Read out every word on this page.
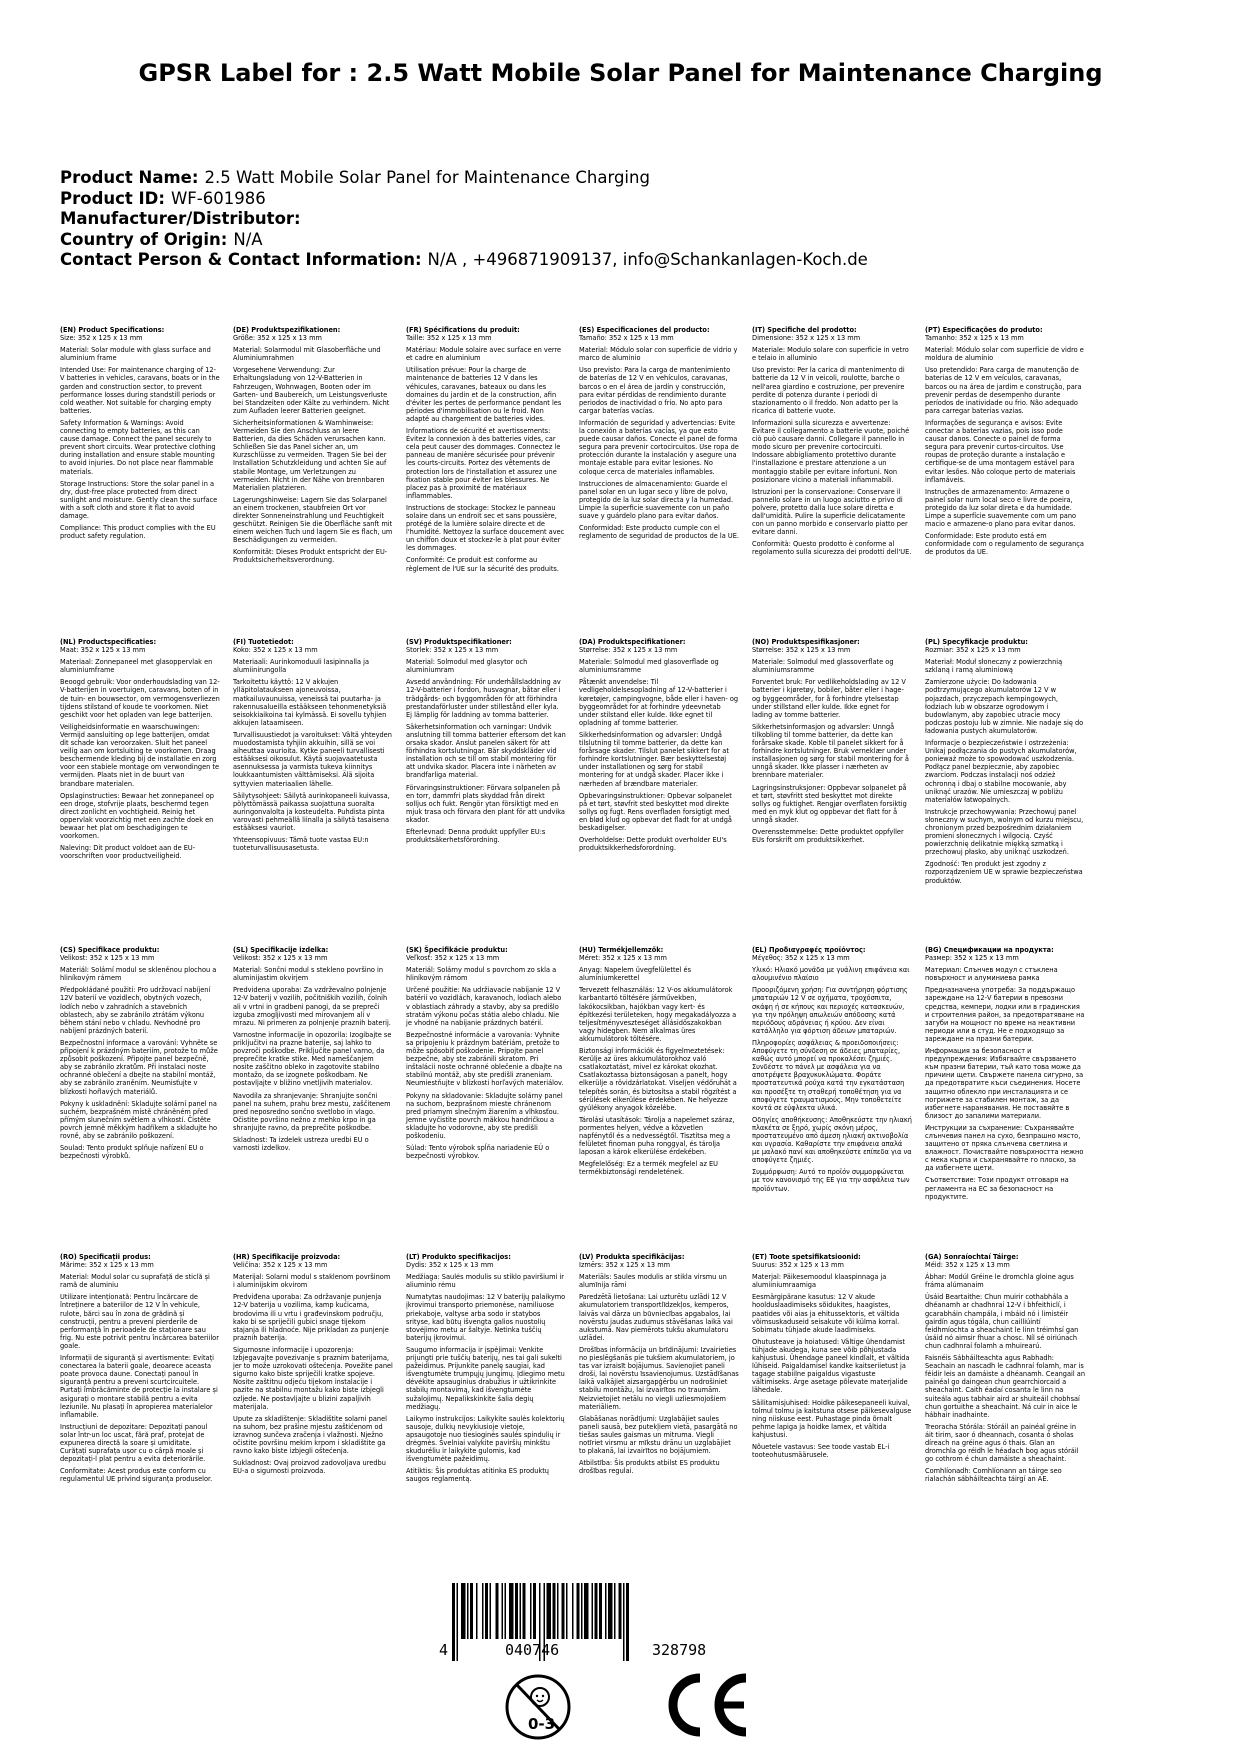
GPSR Label for : 2.5 Watt Mobile Solar Panel for Maintenance Charging
Product Name: 2.5 Watt Mobile Solar Panel for Maintenance Charging
Product ID: WF-601986
Manufacturer/Distributor:
Country of Origin: N/A
Contact Person & Contact Information: N/A , +496871909137, info@Schankanlagen-Koch.de
(EN) Product Specifications:

Size: 352 x 125 x 13 mm

Material: Solar module with glass surface and aluminium frame

Intended Use: For maintenance charging of 12-V batteries in vehicles, caravans, boats or in the garden and construction sector, to prevent performance losses during standstill periods or cold weather. Not suitable for charging empty batteries.

Safety Information & Warnings: Avoid connecting to empty batteries, as this can cause damage. Connect the panel securely to prevent short circuits. Wear protective clothing during installation and ensure stable mounting to avoid injuries. Do not place near flammable materials.

Storage Instructions: Store the solar panel in a dry, dust-free place protected from direct sunlight and moisture. Gently clean the surface with a soft cloth and store it flat to avoid damage.

Compliance: This product complies with the EU product safety regulation.

(DE) Produktspezifikationen:

Größe: 352 x 125 x 13 mm

Material: Solarmodul mit Glasoberfläche und Aluminiumrahmen

Vorgesehene Verwendung: Zur Erhaltungsladung von 12-V-Batterien in Fahrzeugen, Wohnwagen, Booten oder im Garten- und Baubereich, um Leistungsverluste bei Standzeiten oder Kälte zu verhindern. Nicht zum Aufladen leerer Batterien geeignet.

Sicherheitsinformationen & Warnhinweise: Vermeiden Sie den Anschluss an leere Batterien, da dies Schäden verursachen kann. Schließen Sie das Panel sicher an, um Kurzschlüsse zu vermeiden. Tragen Sie bei der Installation Schutzkleidung und achten Sie auf stabile Montage, um Verletzungen zu vermeiden. Nicht in der Nähe von brennbaren Materialien platzieren.

Lagerungshinweise: Lagern Sie das Solarpanel an einem trockenen, staubfreien Ort vor direkter Sonneneinstrahlung und Feuchtigkeit geschützt. Reinigen Sie die Oberfläche sanft mit einem weichen Tuch und lagern Sie es flach, um Beschädigungen zu vermeiden.

Konformität: Dieses Produkt entspricht der EU-Produktsicherheitsverordnung.

(FR) Spécifications du produit:

Taille: 352 x 125 x 13 mm

Matériau: Module solaire avec surface en verre et cadre en aluminium

Utilisation prévue: Pour la charge de maintenance de batteries 12 V dans les véhicules, caravanes, bateaux ou dans les domaines du jardin et de la construction, afin d'éviter les pertes de performance pendant les périodes d'immobilisation ou le froid. Non adapté au chargement de batteries vides.

Informations de sécurité et avertissements: Évitez la connexion à des batteries vides, car cela peut causer des dommages. Connectez le panneau de manière sécurisée pour prévenir les courts-circuits. Portez des vêtements de protection lors de l'installation et assurez une fixation stable pour éviter les blessures. Ne placez pas à proximité de matériaux inflammables.

Instructions de stockage: Stockez le panneau solaire dans un endroit sec et sans poussière, protégé de la lumière solaire directe et de l'humidité. Nettoyez la surface doucement avec un chiffon doux et stockez-le à plat pour éviter les dommages.

Conformité: Ce produit est conforme au règlement de l'UE sur la sécurité des produits.

(ES) Especificaciones del producto:

Tamaño: 352 x 125 x 13 mm

Material: Módulo solar con superficie de vidrio y marco de aluminio

Uso previsto: Para la carga de mantenimiento de baterías de 12 V en vehículos, caravanas, barcos o en el área de jardín y construcción, para evitar pérdidas de rendimiento durante periodos de inactividad o frío. No apto para cargar baterías vacías.

Información de seguridad y advertencias: Evite la conexión a baterías vacías, ya que esto puede causar daños. Conecte el panel de forma segura para prevenir cortocircuitos. Use ropa de protección durante la instalación y asegure una montaje estable para evitar lesiones. No coloque cerca de materiales inflamables.

Instrucciones de almacenamiento: Guarde el panel solar en un lugar seco y libre de polvo, protegido de la luz solar directa y la humedad. Limpie la superficie suavemente con un paño suave y guárdelo plano para evitar daños.

Conformidad: Este producto cumple con el reglamento de seguridad de productos de la UE.

(IT) Specifiche del prodotto:

Dimensione: 352 x 125 x 13 mm

Materiale: Modulo solare con superficie in vetro e telaio in alluminio

Uso previsto: Per la carica di mantenimento di batterie da 12 V in veicoli, roulotte, barche o nell'area giardino e costruzione, per prevenire perdite di potenza durante i periodi di stazionamento o il freddo. Non adatto per la ricarica di batterie vuote.

Informazioni sulla sicurezza e avvertenze: Evitare il collegamento a batterie vuote, poiché ciò può causare danni. Collegare il pannello in modo sicuro per prevenire cortocircuiti. Indossare abbigliamento protettivo durante l'installazione e prestare attenzione a un montaggio stabile per evitare infortuni. Non posizionare vicino a materiali infiammabili.

Istruzioni per la conservazione: Conservare il pannello solare in un luogo asciutto e privo di polvere, protetto dalla luce solare diretta e dall'umidità. Pulire la superficie delicatamente con un panno morbido e conservarlo piatto per evitare danni.

Conformità: Questo prodotto è conforme al regolamento sulla sicurezza dei prodotti dell'UE.

(PT) Especificações do produto:

Tamanho: 352 x 125 x 13 mm

Material: Módulo solar com superfície de vidro e moldura de alumínio

Uso pretendido: Para carga de manutenção de baterias de 12 V em veículos, caravanas, barcos ou na área de jardim e construção, para prevenir perdas de desempenho durante períodos de inatividade ou frio. Não adequado para carregar baterias vazias.

Informações de segurança e avisos: Evite conectar a baterias vazias, pois isso pode causar danos. Conecte o painel de forma segura para prevenir curtos-circuitos. Use roupas de proteção durante a instalação e certifique-se de uma montagem estável para evitar lesões. Não coloque perto de materiais inflamáveis.

Instruções de armazenamento: Armazene o painel solar num local seco e livre de poeira, protegido da luz solar direta e da humidade. Limpe a superfície suavemente com um pano macio e armazene-o plano para evitar danos.

Conformidade: Este produto está em conformidade com o regulamento de segurança de produtos da UE.

(NL) Productspecificaties:

Maat: 352 x 125 x 13 mm

Materiaal: Zonnepaneel met glasoppervlak en aluminiumframe

Beoogd gebruik: Voor onderhoudslading van 12-V-batterijen in voertuigen, caravans, boten of in de tuin- en bouwsector, om vermogensverliezen tijdens stilstand of koude te voorkomen. Niet geschikt voor het opladen van lege batterijen.

Veiligheidsinformatie en waarschuwingen: Vermijd aansluiting op lege batterijen, omdat dit schade kan veroorzaken. Sluit het paneel veilig aan om kortsluiting te voorkomen. Draag beschermende kleding bij de installatie en zorg voor een stabiele montage om verwondingen te vermijden. Plaats niet in de buurt van brandbare materialen.

Opslaginstructies: Bewaar het zonnepaneel op een droge, stofvrije plaats, beschermd tegen direct zonlicht en vochtigheid. Reinig het oppervlak voorzichtig met een zachte doek en bewaar het plat om beschadigingen te voorkomen.

Naleving: Dit product voldoet aan de EU-voorschriften voor productveiligheid.

(FI) Tuotetiedot:

Koko: 352 x 125 x 13 mm

Materiaali: Aurinkomoduuli lasipinnalla ja alumiinirungolla

Tarkoitettu käyttö: 12 V akkujen ylläpitolataukseen ajoneuvoissa, matkailuvaunuissa, veneissä tai puutarha- ja rakennusalueilla estääkseen tehonmenetyksiä seisokkiaikoina tai kylmässä. Ei sovellu tyhjien akkujen lataamiseen.

Turvallisuustiedot ja varoitukset: Vältä yhteyden muodostamista tyhjiin akkuihin, sillä se voi aiheuttaa vaurioita. Kytke paneeli turvallisesti estääksesi oikosulut. Käytä suojavaatetusta asennuksessa ja varmista tukeva kiinnitys loukkaantumisten välttämiseksi. Älä sijoita syttyvien materiaalien lähelle.

Säilytysohjeet: Säilytä aurinkopaneeli kuivassa, pölyttömässä paikassa suojattuna suoralta auringonvalolta ja kosteudelta. Puhdista pinta varovasti pehmeällä liinalla ja säilytä tasaisena estääksesi vauriot.

Yhteensopivuus: Tämä tuote vastaa EU:n tuoteturvallisuusasetusta.

(SV) Produktspecifikationer:

Storlek: 352 x 125 x 13 mm

Material: Solmodul med glasytor och aluminiumram

Avsedd användning: För underhållsladdning av 12-V-batterier i fordon, husvagnar, båtar eller i trädgårds- och byggområden för att förhindra prestandaförluster under stillestånd eller kyla. Ej lämplig för laddning av tomma batterier.

Säkerhetsinformation och varningar: Undvik anslutning till tomma batterier eftersom det kan orsaka skador. Anslut panelen säkert för att förhindra kortslutningar. Bär skyddskläder vid installation och se till om stabil montering för att undvika skador. Placera inte i närheten av brandfarliga material.

Förvaringsinstruktioner: Förvara solpanelen på en torr, dammfri plats skyddad från direkt solljus och fukt. Rengör ytan försiktigt med en mjuk trasa och förvara den plant för att undvika skador.

Efterlevnad: Denna produkt uppfyller EU:s produktsäkerhetsförordning.

(DA) Produktspecifikationer:

Størrelse: 352 x 125 x 13 mm

Materiale: Solmodul med glasoverflade og aluminiumsramme

Påtænkt anvendelse: Til vedligeholdelsesopladning af 12-V-batterier i køretøjer, campingvogne, både eller i haven- og byggeområdet for at forhindre ydeevnetab under stilstand eller kulde. Ikke egnet til opladning af tomme batterier.

Sikkerhedsinformation og advarsler: Undgå tilslutning til tomme batterier, da dette kan forårsage skader. Tilslut panelet sikkert for at forhindre kortslutninger. Bær beskyttelsestøj under installationen og sørg for stabil montering for at undgå skader. Placer ikke i nærheden af brændbare materialer.

Opbevaringsinstruktioner: Opbevar solpanelet på et tørt, støvfrit sted beskyttet mod direkte sollys og fugt. Rens overfladen forsigtigt med en blød klud og opbevar det fladt for at undgå beskadigelser.

Overholdelse: Dette produkt overholder EU's produktsikkerhedsforordning.

(NO) Produktspesifikasjoner:

Størrelse: 352 x 125 x 13 mm

Materiale: Solmodul med glassoverflate og aluminiumsramme

Forventet bruk: For vedlikeholdslading av 12 V batterier i kjøretøy, bobiler, båter eller i hage- og byggeområder, for å forhindre ytelsestap under stillstand eller kulde. Ikke egnet for lading av tomme batterier.

Sikkerhetsinformasjon og advarsler: Unngå tilkobling til tomme batterier, da dette kan forårsake skade. Koble til panelet sikkert for å forhindre kortslutninger. Bruk verneklær under installasjonen og sørg for stabil montering for å unngå skader. Ikke plasser i nærheten av brennbare materialer.

Lagringsinstruksjoner: Oppbevar solpanelet på et tørt, støvfritt sted beskyttet mot direkte sollys og fuktighet. Rengjør overflaten forsiktig med en myk klut og oppbevar det flatt for å unngå skader.

Overensstemmelse: Dette produktet oppfyller EUs forskrift om produktsikkerhet.

(PL) Specyfikacje produktu:

Rozmiar: 352 x 125 x 13 mm

Materiał: Moduł słoneczny z powierzchnią szklaną i ramą aluminiową

Zamierzone użycie: Do ładowania podtrzymującego akumulatorów 12 V w pojazdach, przyczepach kempingowych, łodziach lub w obszarze ogrodowym i budowlanym, aby zapobiec utracie mocy podczas postoju lub w zimnie. Nie nadaje się do ładowania pustych akumulatorów.

Informacje o bezpieczeństwie i ostrzeżenia: Unikaj podłączania do pustych akumulatorów, ponieważ może to spowodować uszkodzenia. Podłącz panel bezpiecznie, aby zapobiec zwarciom. Podczas instalacji noś odzież ochronną i dbaj o stabilne mocowanie, aby uniknąć urazów. Nie umieszczaj w pobliżu materiałów łatwopalnych.

Instrukcje przechowywania: Przechowuj panel słoneczny w suchym, wolnym od kurzu miejscu, chronionym przed bezpośrednim działaniem promieni słonecznych i wilgocią. Czyść powierzchnię delikatnie miękką szmatką i przechowuj płasko, aby uniknąć uszkodzeń.

Zgodność: Ten produkt jest zgodny z rozporządzeniem UE w sprawie bezpieczeństwa produktów.

(CS) Specifikace produktu:

Velikost: 352 x 125 x 13 mm

Materiál: Solární modul se skleněnou plochou a hliníkovým rámem

Předpokládané použití: Pro udržovací nabíjení 12V baterií ve vozidlech, obytných vozech, lodích nebo v zahradních a stavebních oblastech, aby se zabránilo ztrátám výkonu během stání nebo v chladu. Nevhodné pro nabíjení prázdných baterií.

Bezpečnostní informace a varování: Vyhněte se připojení k prázdným bateriím, protože to může způsobit poškození. Připojte panel bezpečně, aby se zabránilo zkratům. Při instalaci noste ochranné oblečení a dbejte na stabilní montáž, aby se zabránilo zraněním. Neumisťujte v blízkosti hořlavých materiálů.

Pokyny k uskladnění: Skladujte solární panel na suchém, bezprašném místě chráněném před přímým slunečním světlem a vlhkostí. Čistěte povrch jemně měkkým hadříkem a skladujte ho rovně, aby se zabránilo poškození.

Soulad: Tento produkt splňuje nařízení EU o bezpečnosti výrobků.

(SL) Specifikacije izdelka:

Velikost: 352 x 125 x 13 mm

Material: Sončni modul s stekleno površino in aluminijastim okvirjem

Predvidena uporaba: Za vzdrževalno polnjenje 12-V baterij v vozilih, počitniških vozilih, čolnih ali v vrtni in gradbeni panogi, da se prepreči izguba zmogljivosti med mirovanjem ali v mrazu. Ni primeren za polnjenje praznih baterij.

Varnostne informacije in opozorila: Izogibajte se priključitvi na prazne baterije, saj lahko to povzroči poškodbe. Priključite panel varno, da preprečite kratke stike. Med nameščanjem nosite zaščitno obleko in zagotovite stabilno montažo, da se izognete poškodbam. Ne postavljajte v bližino vnetljivih materialov.

Navodila za shranjevanje: Shranjujte sončni panel na suhem, prahu brez mestu, zaščitenem pred neposredno sončno svetlobo in vlago. Očistite površino nežno z mehko krpo in ga shranjujte ravno, da preprečite poškodbe.

Skladnost: Ta izdelek ustreza uredbi EU o varnosti izdelkov.

(SK) Špecifikácie produktu:

Veľkosť: 352 x 125 x 13 mm

Materiál: Solárny modul s povrchom zo skla a hliníkovým rámom

Určené použitie: Na udržiavacie nabíjanie 12 V batérií vo vozidlách, karavanoch, lodiach alebo v oblastiach záhrady a stavby, aby sa predišlo stratám výkonu počas státia alebo chladu. Nie je vhodné na nabíjanie prázdnych batérií.

Bezpečnostné informácie a varovania: Vyhnite sa pripojeniu k prázdnym batériám, pretože to môže spôsobiť poškodenie. Pripojte panel bezpečne, aby ste zabránili skratom. Pri inštalácii noste ochranné oblečenie a dbajte na stabilnú montáž, aby ste predišli zraneniam. Neumiestňujte v blízkosti horľavých materiálov.

Pokyny na skladovanie: Skladujte solárny panel na suchom, bezprašnom mieste chránenom pred priamym slnečným žiarením a vlhkosťou. Jemne vyčistite povrch mäkkou handričkou a skladujte ho vodorovne, aby ste predišli poškodeniu.

Súlad: Tento výrobok spĺňa nariadenie EÚ o bezpečnosti výrobkov.

(HU) Termékjellemzők:

Méret: 352 x 125 x 13 mm

Anyag: Napelem üvegfelülettel és alumíniumkerettel

Tervezett felhasználás: 12 V-os akkumulátorok karbantartó töltésére járművekben, lakókocsikban, hajókban vagy kert- és építkezési területeken, hogy megakadályozza a teljesítményveszteséget állásidőszakokban vagy hidegben. Nem alkalmas üres akkumulátorok töltésére.

Biztonsági információk és figyelmeztetések: Kerülje az üres akkumulátorokhoz való csatlakoztatást, mivel ez károkat okozhat. Csatlakoztassa biztonságosan a panelt, hogy elkerülje a rövidzárlatokat. Viseljen védőruhát a telepítés során, és biztosítsa a stabil rögzítést a sérülések elkerülése érdekében. Ne helyezze gyúlékony anyagok közelébe.

Tárolási utasítások: Tárolja a napelemet száraz, pormentes helyen, védve a közvetlen napfénytől és a nedvességtől. Tisztítsa meg a felületet finoman puha ronggyal, és tárolja laposan a károk elkerülése érdekében.

Megfelelőség: Ez a termék megfelel az EU termékbiztonsági rendeletének.

(EL) Προδιαγραφές προϊόντος:

Μέγεθος: 352 x 125 x 13 mm

Υλικό: Ηλιακό μονάδα με γυάλινη επιφάνεια και αλουμινένιο πλαίσιο

Προοριζόμενη χρήση: Για συντήρηση φόρτισης μπαταριών 12 V σε οχήματα, τροχόσπιτα, σκάφη ή σε κήπους και περιοχές κατασκευών, για την πρόληψη απωλειών απόδοσης κατά περιόδους αδράνειας ή κρύου. Δεν είναι κατάλληλο για φόρτιση άδειων μπαταριών.

Πληροφορίες ασφάλειας & προειδοποιήσεις: Αποφύγετε τη σύνδεση σε άδειες μπαταρίες, καθώς αυτό μπορεί να προκαλέσει ζημιές. Συνδέστε το πάνελ με ασφάλεια για να αποτρέψετε βραχυκυκλώματα. Φοράτε προστατευτικά ρούχα κατά την εγκατάσταση και προσέξτε τη σταθερή τοποθέτηση για να αποφύγετε τραυματισμούς. Μην τοποθετείτε κοντά σε εύφλεκτα υλικά.

Οδηγίες αποθήκευσης: Αποθηκεύστε την ηλιακή πλακέτα σε ξηρό, χωρίς σκόνη μέρος, προστατευμένο από άμεση ηλιακή ακτινοβολία και υγρασία. Καθαρίστε την επιφάνεια απαλά με μαλακό πανί και αποθηκεύστε επίπεδα για να αποφύγετε ζημιές.

Συμμόρφωση: Αυτό το προϊόν συμμορφώνεται με τον κανονισμό της ΕΕ για την ασφάλεια των προϊόντων.

(BG) Спецификации на продукта:

Размер: 352 x 125 x 13 mm

Материал: Слънчев модул с стъклена повърхност и алуминиева рамка

Предназначена употреба: За поддържащо зареждане на 12-V батерии в превозни средства, кемпери, лодки или в градинския и строителния район, за предотвратяване на загуби на мощност по време на неактивни периоди или в студ. Не е подходящо за зареждане на празни батерии.

Информация за безопасност и предупреждения: Избягвайте свързването към празни батерии, тъй като това може да причини щети. Свържете панела сигурно, за да предотвратите къси съединения. Носете защитно облекло при инсталацията и се погрижете за стабилен монтаж, за да избегнете наранявания. Не поставяйте в близост до запалими материали.

Инструкции за съхранение: Съхранявайте слънчевия панел на сухо, безпрашно място, защитено от пряка слънчева светлина и влажност. Почиствайте повърхността нежно с мека кърпа и съхранявайте го плоско, за да избегнете щети.

Съответствие: Този продукт отговаря на регламента на ЕС за безопасност на продуктите.

(RO) Specificații produs:

Mărime: 352 x 125 x 13 mm

Material: Modul solar cu suprafață de sticlă și ramă de aluminiu

Utilizare intenționată: Pentru încărcare de întreținere a bateriilor de 12 V în vehicule, rulote, bărci sau în zona de grădină și construcții, pentru a preveni pierderile de performanță în perioadele de staționare sau frig. Nu este potrivit pentru încărcarea bateriilor goale.

Informații de siguranță și avertismente: Evitați conectarea la baterii goale, deoarece aceasta poate provoca daune. Conectați panoul în siguranță pentru a preveni scurtcircuitele. Purtați îmbrăcăminte de protecție la instalare și asigurați o montare stabilă pentru a evita leziunile. Nu plasați în apropierea materialelor inflamabile.

Instrucțiuni de depozitare: Depozitați panoul solar într-un loc uscat, fără praf, protejat de expunerea directă la soare și umiditate. Curățați suprafața ușor cu o cârpă moale și depozitați-l plat pentru a evita deteriorările.

Conformitate: Acest produs este conform cu regulamentul UE privind siguranța produselor.

(HR) Specifikacije proizvoda:

Veličina: 352 x 125 x 13 mm

Materijal: Solarni modul s staklenom površinom i aluminijskim okvirom

Predviđena uporaba: Za održavanje punjenja 12-V baterija u vozilima, kamp kućicama, brodovima ili u vrtu i građevinskom području, kako bi se spriječili gubici snage tijekom stajanja ili hladnoće. Nije prikladan za punjenje praznih baterija.

Sigurnosne informacije i upozorenja: Izbjegavajte povezivanje s praznim baterijama, jer to može uzrokovati oštećenja. Povežite panel sigurno kako biste spriječili kratke spojeve. Nosite zaštitnu odjeću tijekom instalacije i pazite na stabilnu montažu kako biste izbjegli ozljede. Ne postavljajte u blizini zapaljivih materijala.

Upute za skladištenje: Skladištite solarni panel na suhom, bez prašine mjestu zaštićenom od izravnog sunčeva zračenja i vlažnosti. Nježno očistite površinu mekim krpom i skladištite ga ravno kako biste izbjegli oštećenja.

Sukladnost: Ovaj proizvod zadovoljava uredbu EU-a o sigurnosti proizvoda.

(LT) Produkto specifikacijos:

Dydis: 352 x 125 x 13 mm

Medžiaga: Saulės modulis su stiklo paviršiumi ir aliuminio rėmu

Numatytas naudojimas: 12 V baterijų palaikymo įkrovimui transporto priemonėse, namiliuose priekaboje, valtyse arba sodo ir statybos srityse, kad būtų išvengta galios nuostolių stovėjimo metu ar šaltyje. Netinka tuščių baterijų įkrovimui.

Saugumo informacija ir įspėjimai: Venkite prijungti prie tuščių baterijų, nes tai gali sukelti pažeidimus. Prijunkite panelę saugiai, kad išvengtumėte trumpųjų jungimų. Įdiegimo metu dėvėkite apsauginius drabužius ir užtikrinkite stabilų montavimą, kad išvengtumėte sužalojimų. Nepalikskinkite šalia degių medžiagų.

Laikymo instrukcijos: Laikykite saulės kolektorių sausoje, dulkių nevykiusioje vietoje, apsaugotoje nuo tiesioginės saulės spindulių ir drėgmės. Švelniai valykite paviršių minkštu skuduréliu ir laikykite gulomis, kad išvengtumėte pažeidimų.

Atitiktis: Šis produktas atitinka ES produktų saugos reglamentą.

(LV) Produkta specifikācijas:

Izmērs: 352 x 125 x 13 mm

Materiāls: Saules modulis ar stikla virsmu un alumīnija rāmi

Paredzētā lietošana: Lai uzturētu uzlādi 12 V akumulatoriem transportlīdzekļos, kemperos, laivās vai dārza un būvniecības apgabalos, lai novērstu jaudas zudumus stāvēšanas laikā vai aukstumā. Nav piemērots tukšu akumulatoru uzlādei.

Drošības informācija un brīdinājumi: Izvairieties no pieslēgšanās pie tukšiem akumulatoriem, jo tas var izraisīt bojājumus. Savienojiet paneli droši, lai novērstu īssavienojumus. Uzstādīšanas laikā valkājiet aizsargapģērbu un nodrošiniet stabilu montāžu, lai izvairītos no traumām. Neizvietojiet netālu no viegli uzliesmojošiem materiāliem.

Glabāšanas norādījumi: Uzglabājiet saules paneli sausā, bez putekļiem vietā, pasargātā no tiešas saules gaismas un mitruma. Viegli notīriet virsmu ar mīkstu drānu un uzglabājiet to plakanā, lai izvairītos no bojājumiem.

Atbilstība: Šis produkts atbilst ES produktu drošības regulai.

(ET) Toote spetsifikatsioonid:

Suurus: 352 x 125 x 13 mm

Materjal: Päikesemoodul klaaspinnaga ja alumiiniumraamiga

Eesmärgipärane kasutus: 12 V akude hoolduslaadimiseks sõidukites, haagistes, paatides või aias ja ehitussektoris, et vältida võimsuskaduseid seisakute või külma korral. Sobimatu tühjade akude laadimiseks.

Ohutusteave ja hoiatused: Vältige ühendamist tühjade akudega, kuna see võib põhjustada kahjustusi. Ühendage paneel kindlalt, et vältida lühiseid. Paigaldamisel kandke kaitseriietust ja tagage stabiilne paigaldus vigastuste vältimiseks. Ärge asetage põlevate materjalide lähedale.

Säilitamisjuhised: Hoidke päikesepaneeli kuival, tolmul tolmu ja kaitstuna otsese päikesevalguse ning niiskuse eest. Puhastage pinda õrnalt pehme lapiga ja hoidke lamex, et vältida kahjustusi.

Nõuetele vastavus: See toode vastab EL-i tooteohutusmäärusele.

(GA) Sonraíochtaí Táirge:

Méid: 352 x 125 x 13 mm

Ábhar: Modúl Gréine le dromchla gloine agus fráma alúmanaim

Úsáid Beartaithe: Chun muirir cothabhála a dhéanamh ar chadhnraí 12-V i bhfeithiclí, i gcarabháin champála, i mbáid nó i limistéir gairdín agus tógála, chun cailliúintí feidhmíochta a sheachaint le linn tréimhsí gan úsáid nó aimsir fhuar a chosc. Níl sé oiriúnach chun cadhnraí folamh a mhuirearú.

Faisnéis Sábháilteachta agus Rabhadh: Seachain an nascadh le cadhnraí folamh, mar is féidir leis an damáiste a dhéanamh. Ceangail an painéal go daingean chun gearrchiorcaid a sheachaint. Caith éadaí cosanta le linn na suiteála agus tabhair aird ar shuiteáil chobhsaí chun gortuithe a sheachaint. Ná cuir in aice le hábhair inadhainte.

Treoracha Stórála: Stóráil an painéal gréine in áit tirim, saor ó dheannach, cosanta ó sholas díreach na gréine agus ó thais. Glan an dromchla go réidh le héadach bog agus stóráil go cothrom é chun damáiste a sheachaint.

Comhlíonadh: Comhlíonann an táirge seo rialachán sábháilteachta táirgí an AE.

4	040746	328798
0-3
